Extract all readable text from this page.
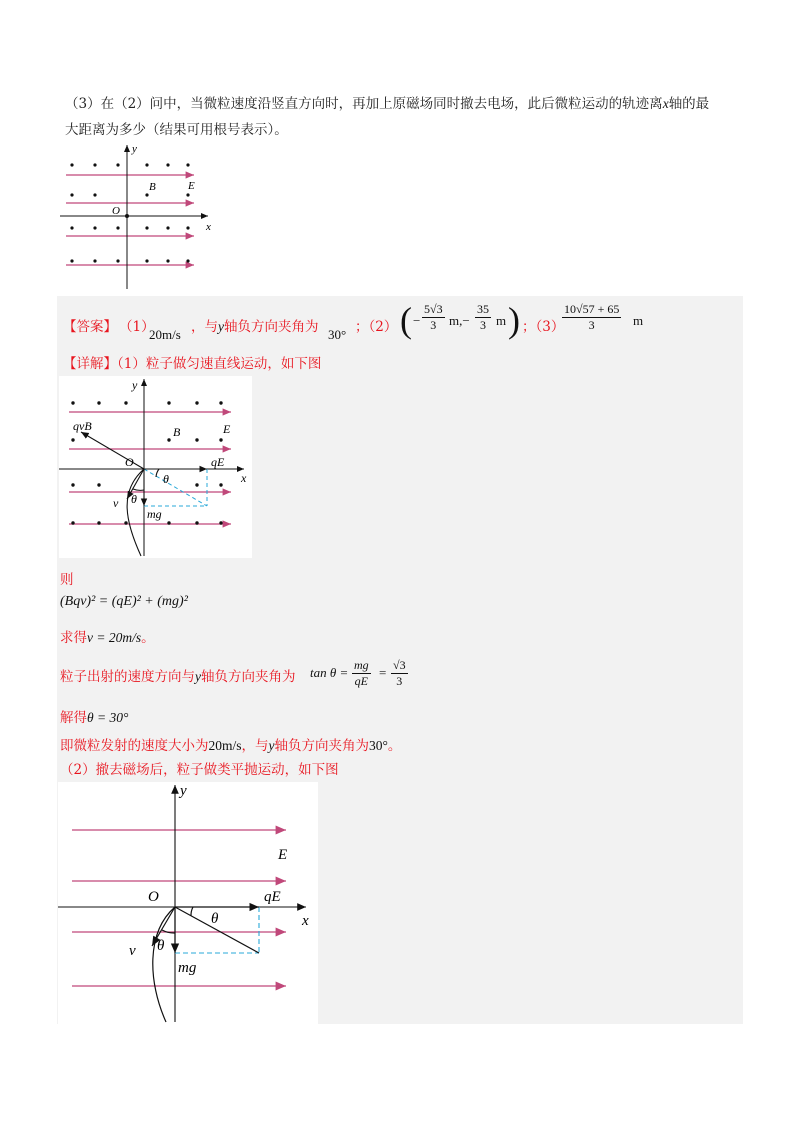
（3）在（2）问中，当微粒速度沿竖直方向时，再加上原磁场同时撤去电场，此后微粒运动的轨迹离x轴的最
大距离为多少（结果可用根号表示）。
y
x
O
B	E
【答案】 （1）
20m/s ，与y轴负方向夹角为 30° ；（2） ( − $\frac{5√3}{3} m,- \frac{35}{3}$ m ) ；（3）
$\frac{10√57 + 65}{3}$ m
【详解】（1）粒子做匀速直线运动，如下图
y
x
O
B	E
qvB
qE
θ
θ
v
mg
则
(Bqv)² = (qE)² + (mg)²
求得v = 20m/s。
粒子出射的速度方向与y轴负方向夹角为 $\tan \theta = \frac{mg}{qE} = \frac{√3}{3}$
解得θ = 30°
即微粒发射的速度大小为20m/s，与y轴负方向夹角为30°。
（2）撤去磁场后，粒子做类平抛运动，如下图
y
x
O
E
qE
θ
θ
v
mg
